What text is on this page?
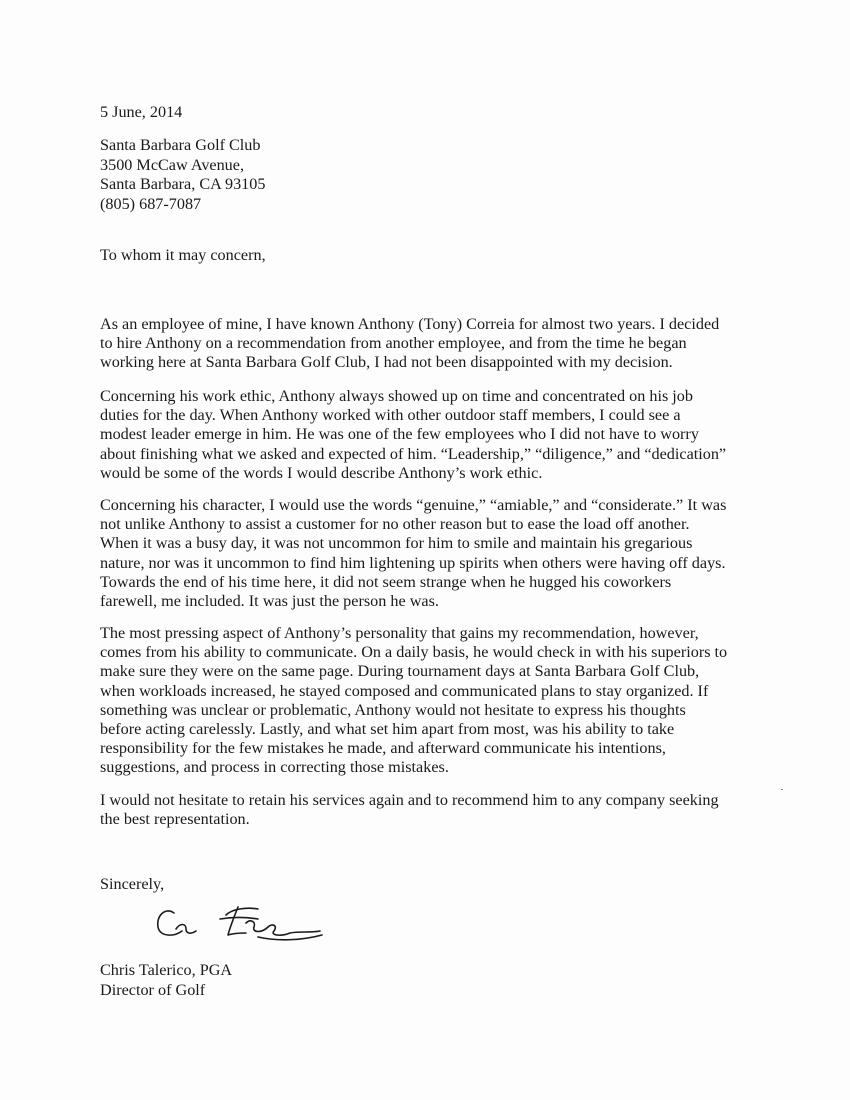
5 June, 2014
Santa Barbara Golf Club
3500 McCaw Avenue,
Santa Barbara, CA 93105
(805) 687-7087
To whom it may concern,
As an employee of mine, I have known Anthony (Tony) Correia for almost two years. I decided
to hire Anthony on a recommendation from another employee, and from the time he began
working here at Santa Barbara Golf Club, I had not been disappointed with my decision.
Concerning his work ethic, Anthony always showed up on time and concentrated on his job
duties for the day. When Anthony worked with other outdoor staff members, I could see a
modest leader emerge in him. He was one of the few employees who I did not have to worry
about finishing what we asked and expected of him. “Leadership,” “diligence,” and “dedication”
would be some of the words I would describe Anthony’s work ethic.
Concerning his character, I would use the words “genuine,” “amiable,” and “considerate.” It was
not unlike Anthony to assist a customer for no other reason but to ease the load off another.
When it was a busy day, it was not uncommon for him to smile and maintain his gregarious
nature, nor was it uncommon to find him lightening up spirits when others were having off days.
Towards the end of his time here, it did not seem strange when he hugged his coworkers
farewell, me included. It was just the person he was.
The most pressing aspect of Anthony’s personality that gains my recommendation, however,
comes from his ability to communicate. On a daily basis, he would check in with his superiors to
make sure they were on the same page. During tournament days at Santa Barbara Golf Club,
when workloads increased, he stayed composed and communicated plans to stay organized. If
something was unclear or problematic, Anthony would not hesitate to express his thoughts
before acting carelessly. Lastly, and what set him apart from most, was his ability to take
responsibility for the few mistakes he made, and afterward communicate his intentions,
suggestions, and process in correcting those mistakes.
I would not hesitate to retain his services again and to recommend him to any company seeking
the best representation.
Sincerely,
Chris Talerico, PGA
Director of Golf
